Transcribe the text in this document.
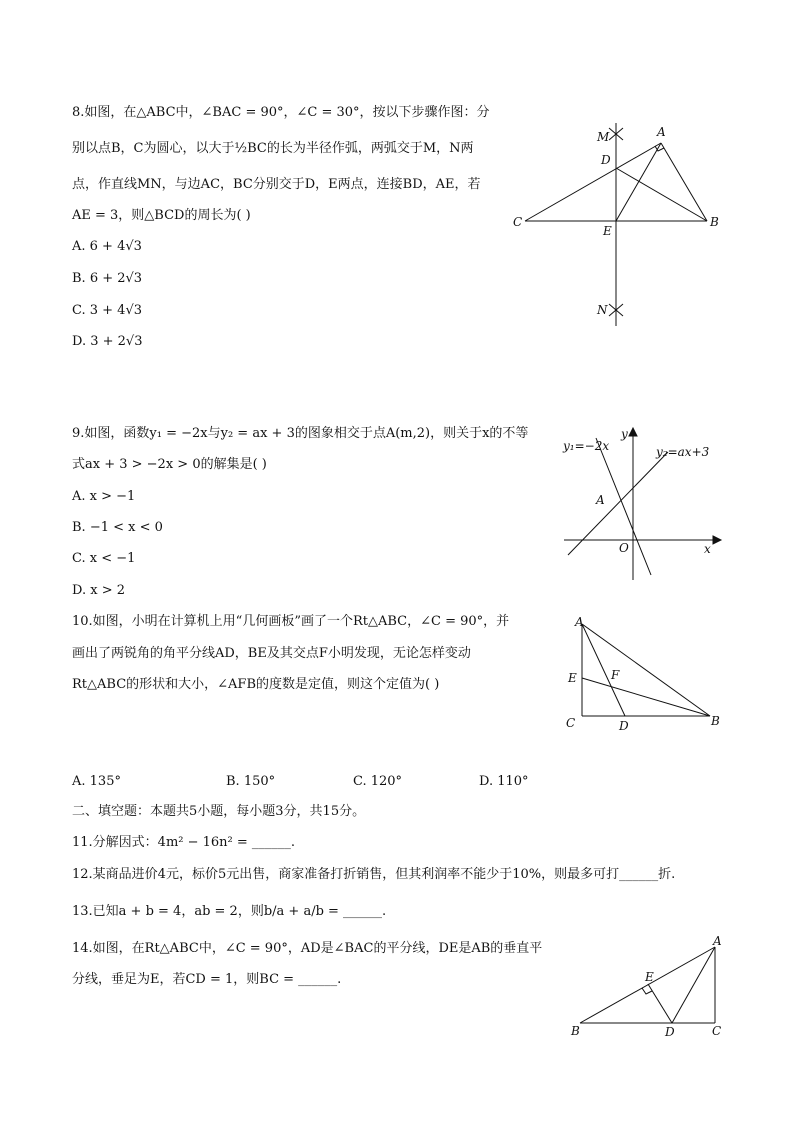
8.如图，在△ABC中，∠BAC = 90°，∠C = 30°，按以下步骤作图：分
别以点B，C为圆心，以大于½BC的长为半径作弧，两弧交于M，N两
点，作直线MN，与边AC，BC分别交于D，E两点，连接BD，AE，若
AE = 3，则△BCD的周长为( )
A. 6 + 4√3
B. 6 + 2√3
C. 3 + 4√3
D. 3 + 2√3
M	A
D
C
E
B
N
9.如图，函数y₁ = −2x与y₂ = ax + 3的图象相交于点A(m,2)，则关于x的不等
式ax + 3 > −2x > 0的解集是( )
A. x > −1
B. −1 < x < 0
C. x < −1
D. x > 2
y₁=−2x	y₂=ax+3
y
x
A
O
10.如图，小明在计算机上用“几何画板”画了一个Rt△ABC，∠C = 90°，并
画出了两锐角的角平分线AD，BE及其交点F小明发现，无论怎样变动
Rt△ABC的形状和大小，∠AFB的度数是定值，则这个定值为( )
A
E	F
C	D	B
A. 135°	B. 150°	C. 120°	D. 110°
二、填空题：本题共5小题，每小题3分，共15分。
11.分解因式：4m² − 16n² = ______.
12.某商品进价4元，标价5元出售，商家准备打折销售，但其利润率不能少于10%，则最多可打______折.
13.已知a + b = 4，ab = 2，则b/a + a/b = ______.
14.如图，在Rt△ABC中，∠C = 90°，AD是∠BAC的平分线，DE是AB的垂直平
分线，垂足为E，若CD = 1，则BC = ______.
A
E
B	D	C
